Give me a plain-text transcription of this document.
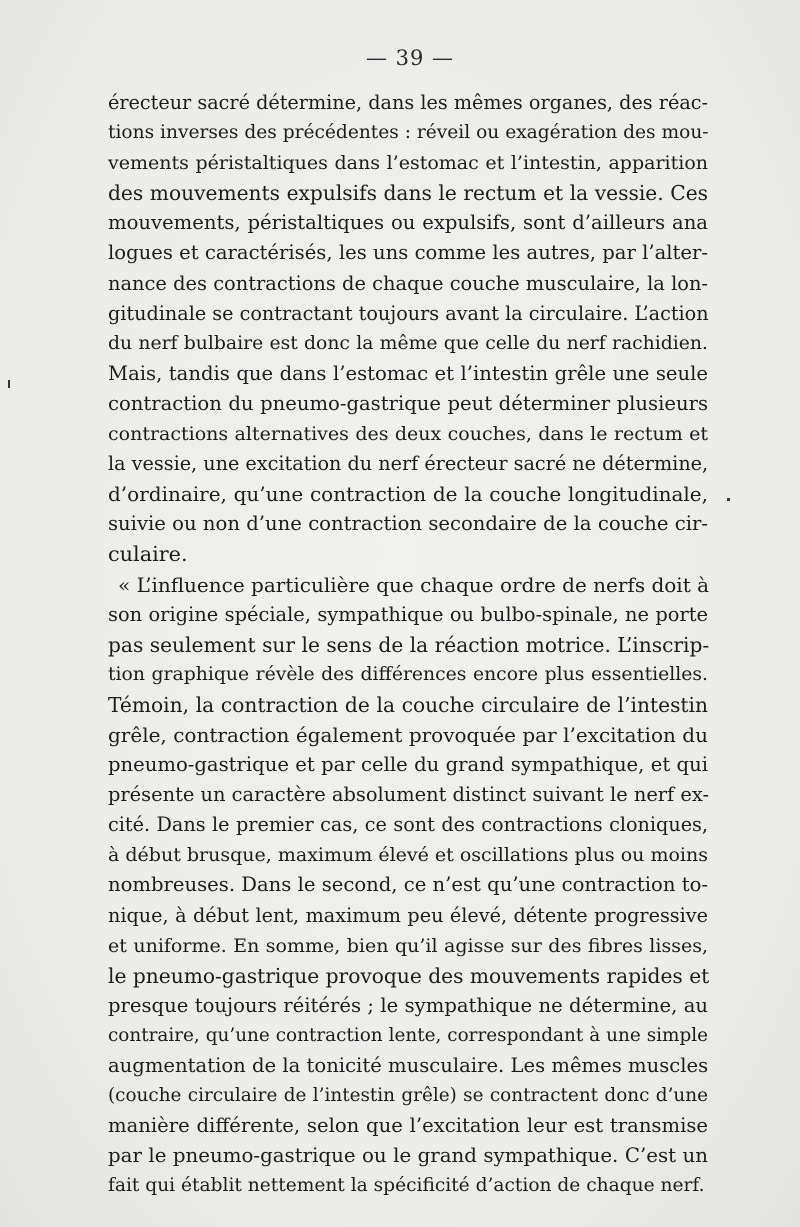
— 39 —
érecteur sacré détermine, dans les mêmes organes, des réac-
tions inverses des précédentes : réveil ou exagération des mou-
vements péristaltiques dans l’estomac et l’intestin, apparition
des mouvements expulsifs dans le rectum et la vessie. Ces
mouvements, péristaltiques ou expulsifs, sont d’ailleurs ana
logues et caractérisés, les uns comme les autres, par l’alter-
nance des contractions de chaque couche musculaire, la lon-
gitudinale se contractant toujours avant la circulaire. L’action
du nerf bulbaire est donc la même que celle du nerf rachidien.
Mais, tandis que dans l’estomac et l’intestin grêle une seule
contraction du pneumo-gastrique peut déterminer plusieurs
contractions alternatives des deux couches, dans le rectum et
la vessie, une excitation du nerf érecteur sacré ne détermine,
d’ordinaire, qu’une contraction de la couche longitudinale,
suivie ou non d’une contraction secondaire de la couche cir-
culaire.
« L’influence particulière que chaque ordre de nerfs doit à
son origine spéciale, sympathique ou bulbo-spinale, ne porte
pas seulement sur le sens de la réaction motrice. L’inscrip-
tion graphique révèle des différences encore plus essentielles.
Témoin, la contraction de la couche circulaire de l’intestin
grêle, contraction également provoquée par l’excitation du
pneumo-gastrique et par celle du grand sympathique, et qui
présente un caractère absolument distinct suivant le nerf ex-
cité. Dans le premier cas, ce sont des contractions cloniques,
à début brusque, maximum élevé et oscillations plus ou moins
nombreuses. Dans le second, ce n’est qu’une contraction to-
nique, à début lent, maximum peu élevé, détente progressive
et uniforme. En somme, bien qu’il agisse sur des fibres lisses,
le pneumo-gastrique provoque des mouvements rapides et
presque toujours réitérés ; le sympathique ne détermine, au
contraire, qu’une contraction lente, correspondant à une simple
augmentation de la tonicité musculaire. Les mêmes muscles
(couche circulaire de l’intestin grêle) se contractent donc d’une
manière différente, selon que l’excitation leur est transmise
par le pneumo-gastrique ou le grand sympathique. C’est un
fait qui établit nettement la spécificité d’action de chaque nerf.
